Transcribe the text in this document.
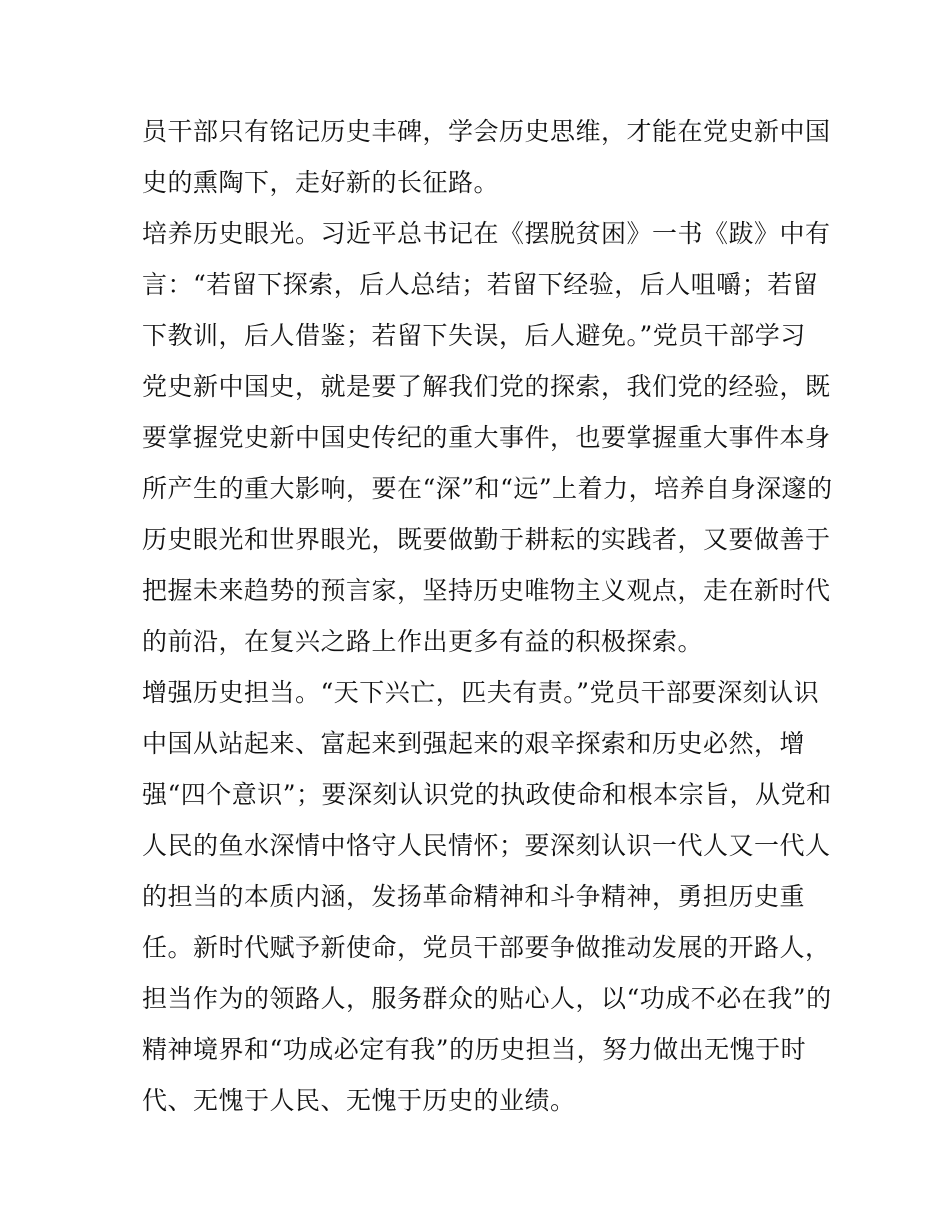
员干部只有铭记历史丰碑，学会历史思维，才能在党史新中国
史的熏陶下，走好新的长征路。
培养历史眼光。习近平总书记在《摆脱贫困》一书《跋》中有
言：“若留下探索，后人总结；若留下经验，后人咀嚼；若留
下教训，后人借鉴；若留下失误，后人避免。”党员干部学习
党史新中国史，就是要了解我们党的探索，我们党的经验，既
要掌握党史新中国史传纪的重大事件，也要掌握重大事件本身
所产生的重大影响，要在“深”和“远”上着力，培养自身深邃的
历史眼光和世界眼光，既要做勤于耕耘的实践者，又要做善于
把握未来趋势的预言家，坚持历史唯物主义观点，走在新时代
的前沿，在复兴之路上作出更多有益的积极探索。
增强历史担当。“天下兴亡，匹夫有责。”党员干部要深刻认识
中国从站起来、富起来到强起来的艰辛探索和历史必然，增
强“四个意识”；要深刻认识党的执政使命和根本宗旨，从党和
人民的鱼水深情中恪守人民情怀；要深刻认识一代人又一代人
的担当的本质内涵，发扬革命精神和斗争精神，勇担历史重
任。新时代赋予新使命，党员干部要争做推动发展的开路人，
担当作为的领路人，服务群众的贴心人，以“功成不必在我”的
精神境界和“功成必定有我”的历史担当，努力做出无愧于时
代、无愧于人民、无愧于历史的业绩。
